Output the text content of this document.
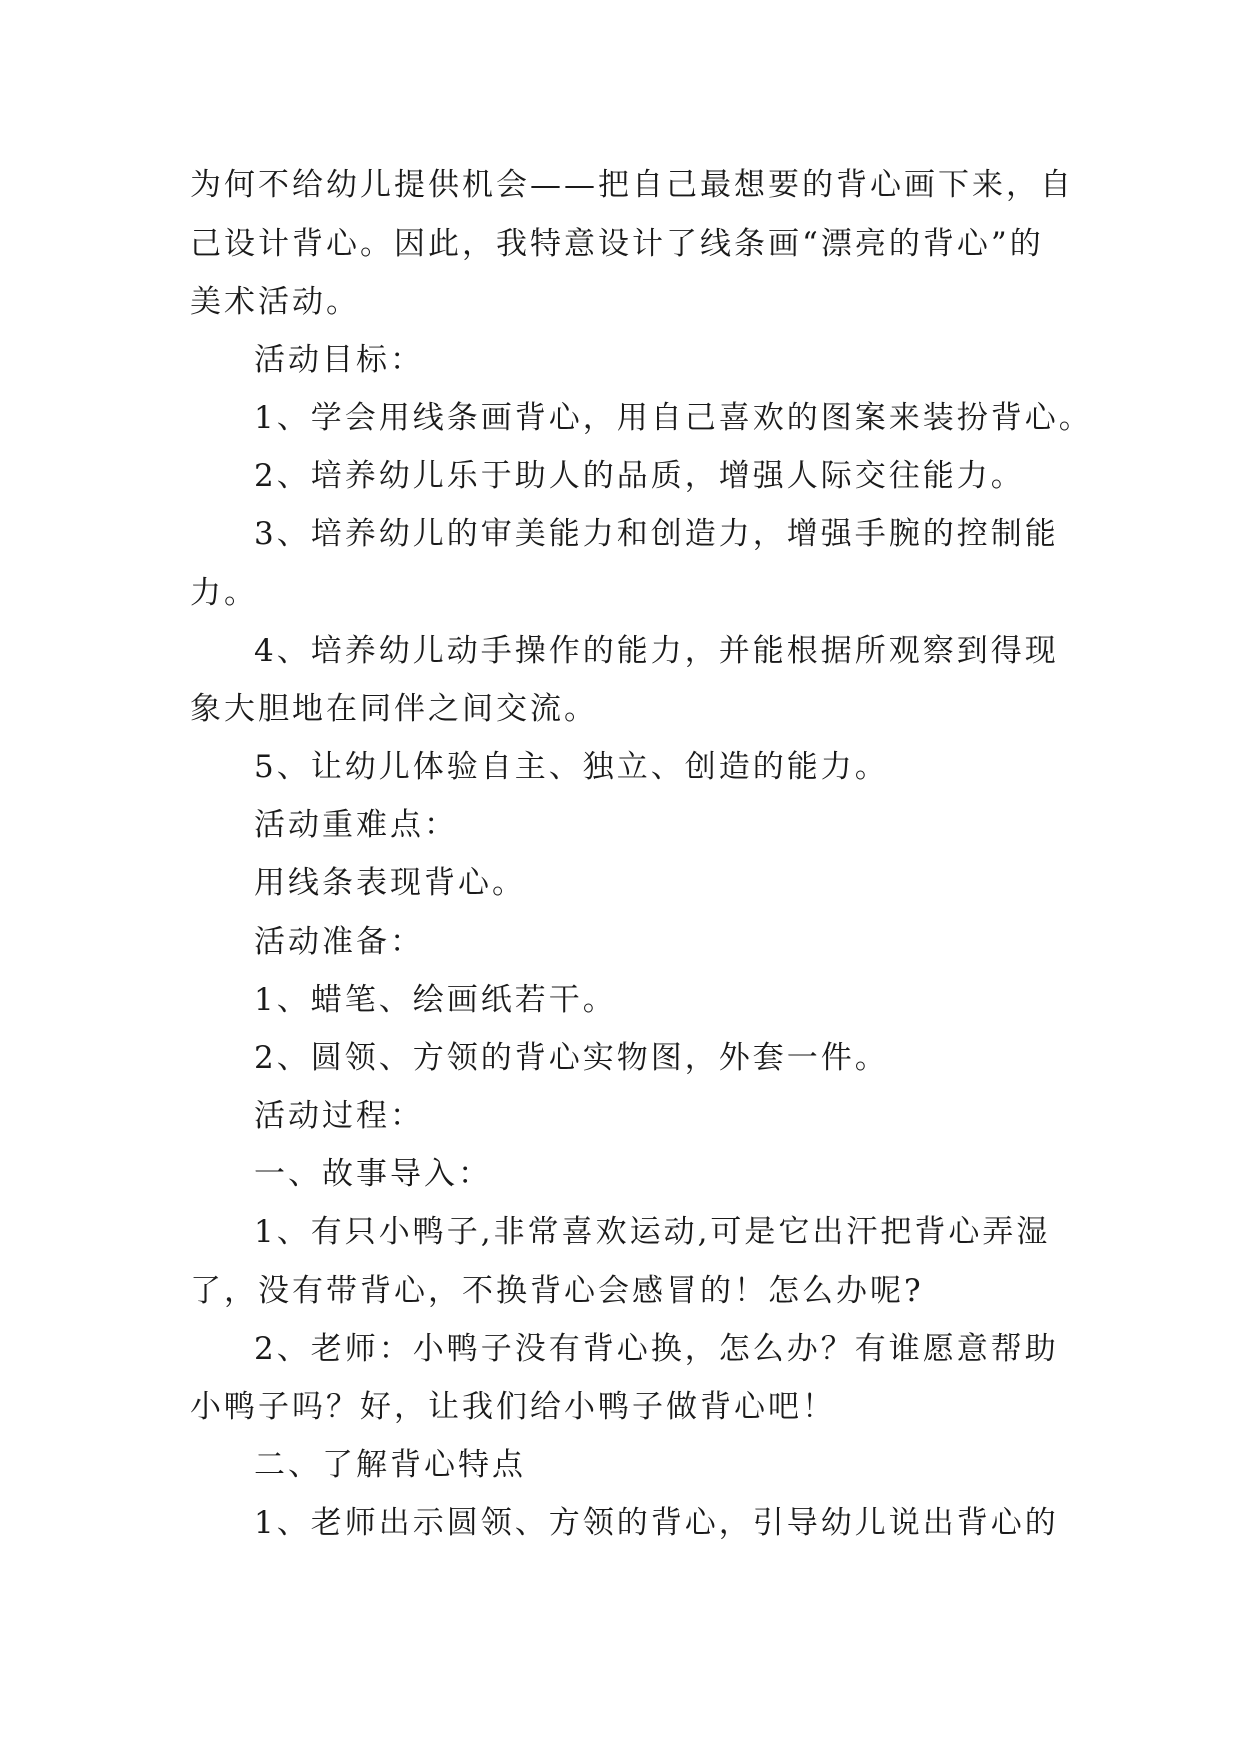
为何不给幼儿提供机会——把自己最想要的背心画下来，自
己设计背心。因此，我特意设计了线条画“漂亮的背心”的
美术活动。
活动目标：
1、学会用线条画背心，用自己喜欢的图案来装扮背心。
2、培养幼儿乐于助人的品质，增强人际交往能力。
3、培养幼儿的审美能力和创造力，增强手腕的控制能
力。
4、培养幼儿动手操作的能力，并能根据所观察到得现
象大胆地在同伴之间交流。
5、让幼儿体验自主、独立、创造的能力。
活动重难点：
用线条表现背心。
活动准备：
1、蜡笔、绘画纸若干。
2、圆领、方领的背心实物图，外套一件。
活动过程：
一、故事导入：
1、有只小鸭子,非常喜欢运动,可是它出汗把背心弄湿
了，没有带背心，不换背心会感冒的！怎么办呢?
2、老师：小鸭子没有背心换，怎么办？有谁愿意帮助
小鸭子吗？好，让我们给小鸭子做背心吧！
二、了解背心特点
1、老师出示圆领、方领的背心，引导幼儿说出背心的
